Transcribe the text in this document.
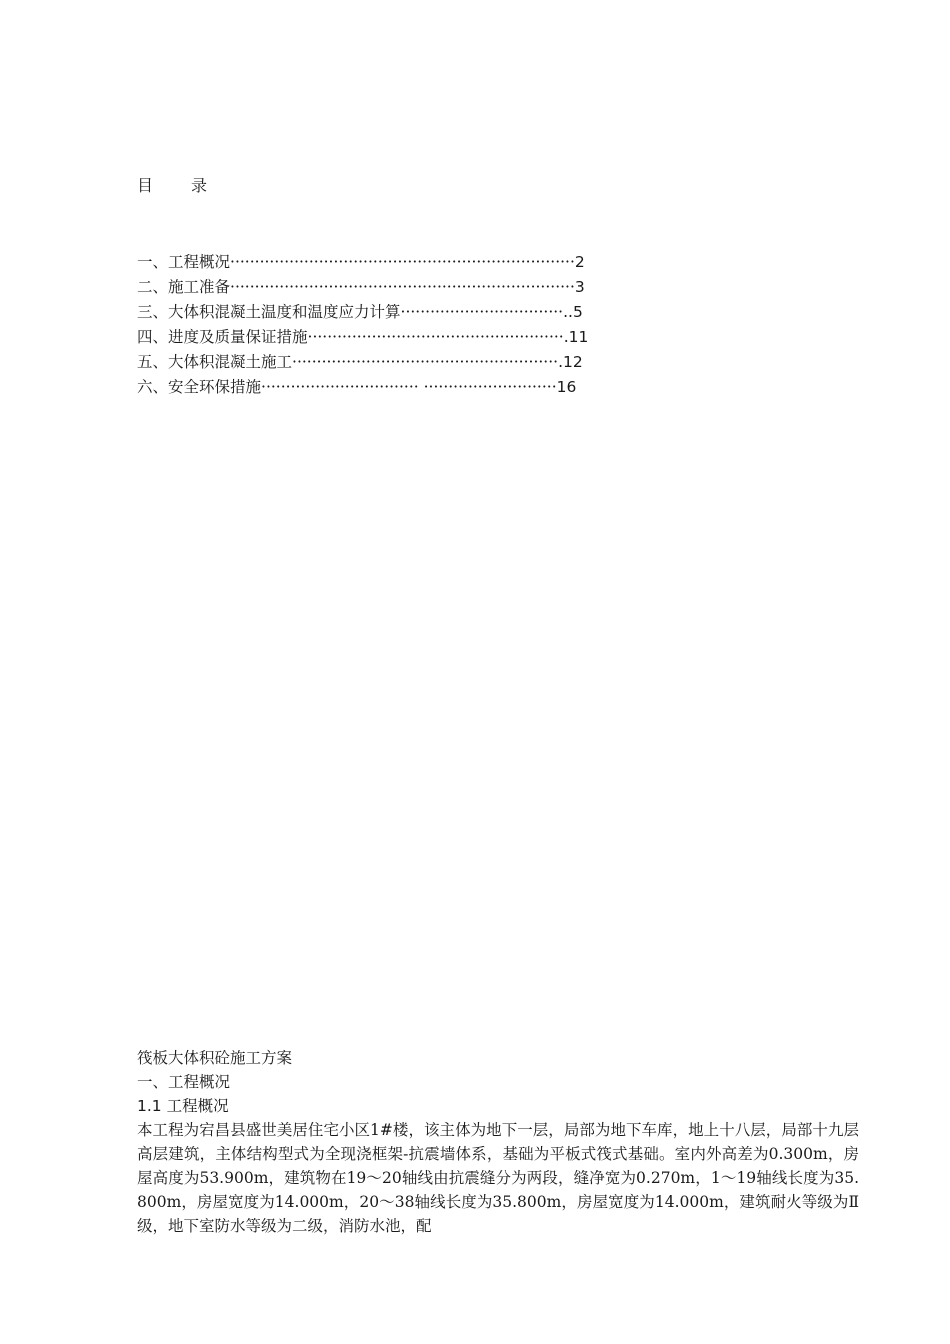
目 录
一、工程概况······································································2
二、施工准备······································································3
三、大体积混凝土温度和温度应力计算·································..5
四、进度及质量保证措施····················································.11
五、大体积混凝土施工······················································.12
六、安全环保措施································ ···························16
筏板大体积砼施工方案
一、工程概况
1.1 工程概况
本工程为宕昌县盛世美居住宅小区1#楼，该主体为地下一层，局部为地下车库，地上十八层，局部十九层高层建筑，主体结构型式为全现浇框架-抗震墙体系，基础为平板式筏式基础。室内外高差为0.300m，房屋高度为53.900m，建筑物在19～20轴线由抗震缝分为两段，缝净宽为0.270m，1～19轴线长度为35.800m，房屋宽度为14.000m，20～38轴线长度为35.800m，房屋宽度为14.000m，建筑耐火等级为Ⅱ级，地下室防水等级为二级，消防水池，配
